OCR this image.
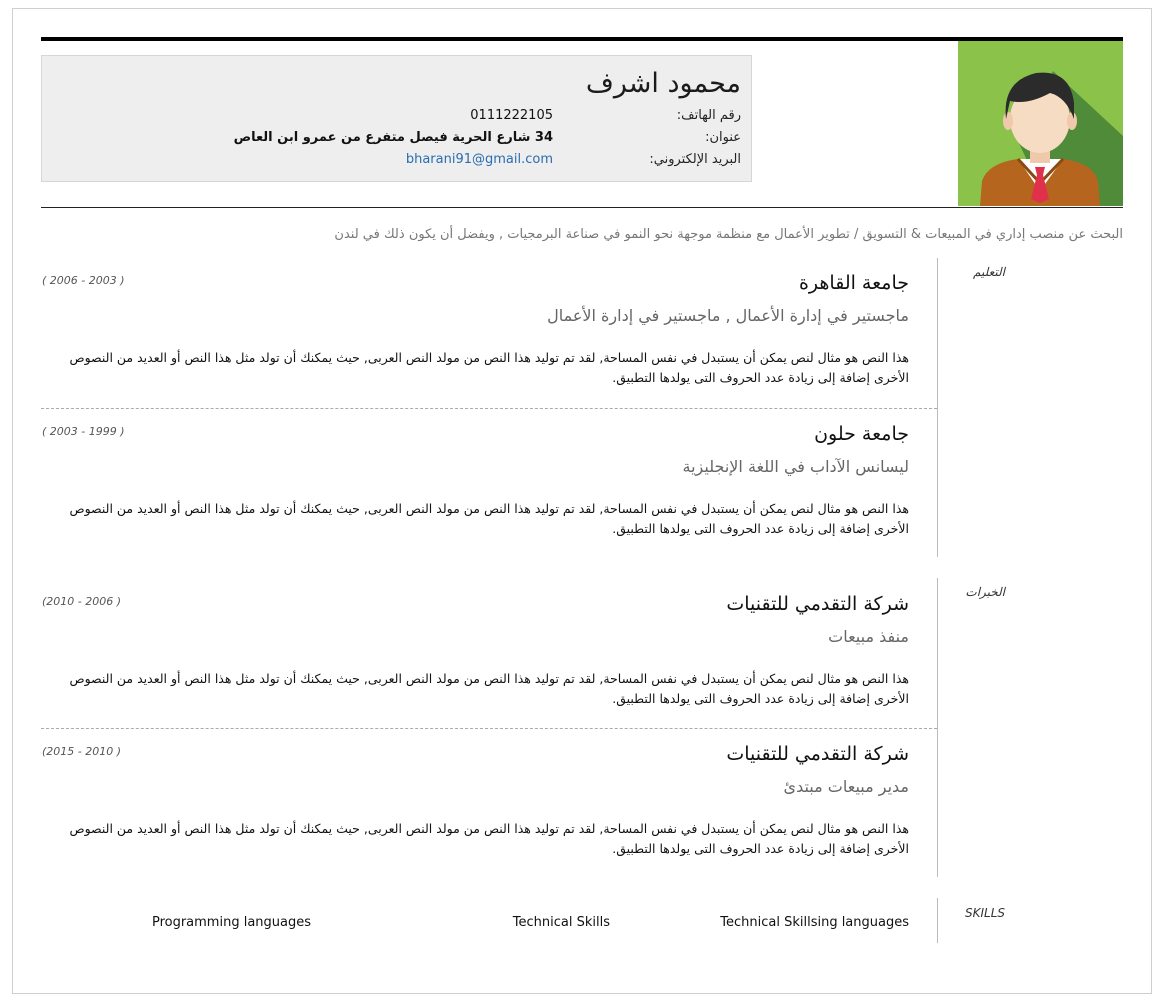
محمود اشرف
رقم الهاتف:
0111222105
عنوان:
34 شارع الحرية فيصل متفرع من عمرو ابن العاص
البريد الإلكتروني:
bharani91@gmail.com
البحث عن منصب إداري في المبيعات & التسويق / تطوير الأعمال مع منظمة موجهة نحو النمو في صناعة البرمجيات , ويفضل أن يكون ذلك في لندن
التعليم
جامعة القاهرة
ماجستير في إدارة الأعمال , ماجستير في إدارة الأعمال
( 2006 - 2003 )
هذا النص هو مثال لنص يمكن أن يستبدل في نفس المساحة, لقد تم توليد هذا النص من مولد النص العربى, حيث يمكنك أن تولد مثل هذا النص أو العديد من النصوص الأخرى إضافة إلى زيادة عدد الحروف التى يولدها التطبيق.
جامعة حلون
ليسانس الآداب في اللغة الإنجليزية
( 2003 - 1999 )
هذا النص هو مثال لنص يمكن أن يستبدل في نفس المساحة, لقد تم توليد هذا النص من مولد النص العربى, حيث يمكنك أن تولد مثل هذا النص أو العديد من النصوص الأخرى إضافة إلى زيادة عدد الحروف التى يولدها التطبيق.
الخبرات
شركة التقدمي للتقنيات
منفذ مبيعات
(2010 - 2006 )
هذا النص هو مثال لنص يمكن أن يستبدل في نفس المساحة, لقد تم توليد هذا النص من مولد النص العربى, حيث يمكنك أن تولد مثل هذا النص أو العديد من النصوص الأخرى إضافة إلى زيادة عدد الحروف التى يولدها التطبيق.
شركة التقدمي للتقنيات
مدير مبيعات مبتدئ
(2015 - 2010 )
هذا النص هو مثال لنص يمكن أن يستبدل في نفس المساحة, لقد تم توليد هذا النص من مولد النص العربى, حيث يمكنك أن تولد مثل هذا النص أو العديد من النصوص الأخرى إضافة إلى زيادة عدد الحروف التى يولدها التطبيق.
SKILLS
Technical Skillsing languages
Technical Skills
Programming languages
